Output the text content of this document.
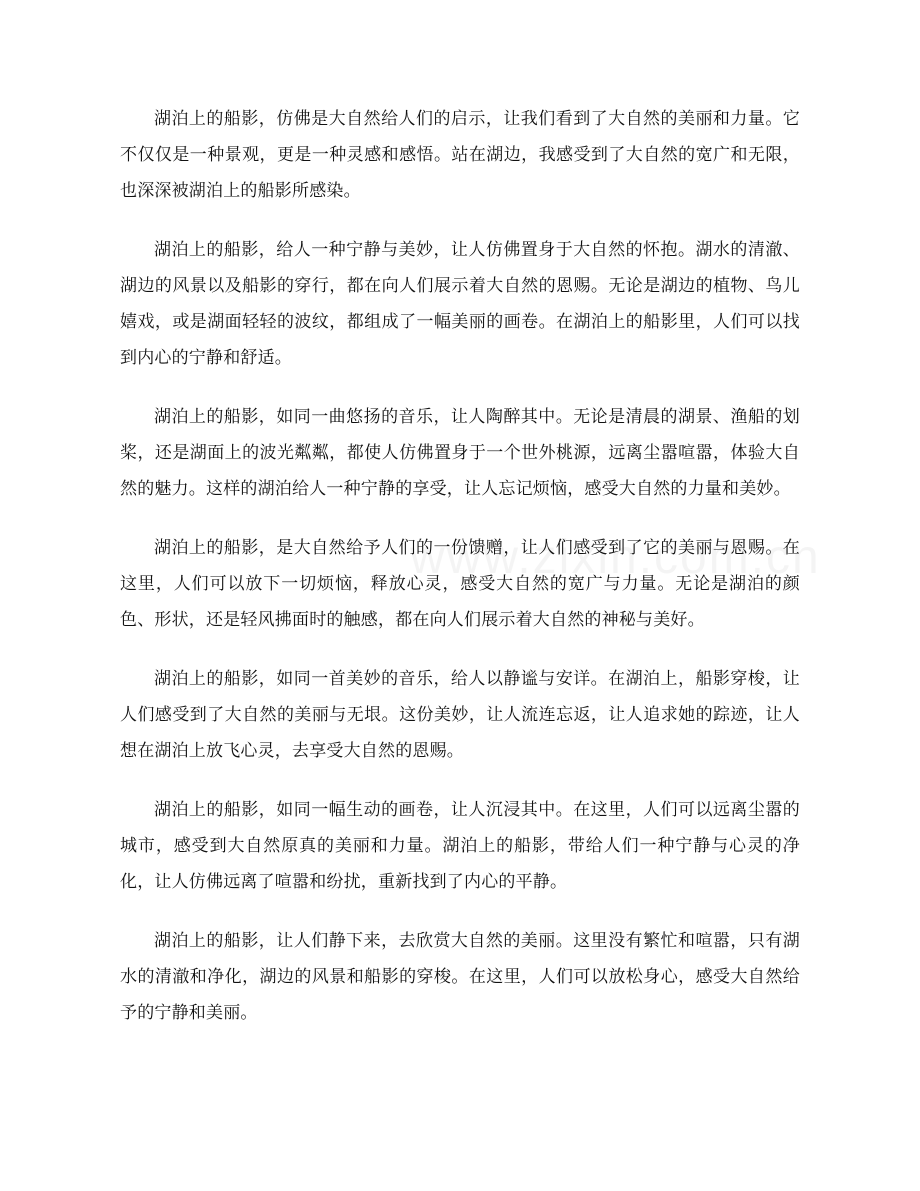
湖泊上的船影，仿佛是大自然给人们的启示，让我们看到了大自然的美丽和力量。它不仅仅是一种景观，更是一种灵感和感悟。站在湖边，我感受到了大自然的宽广和无限，也深深被湖泊上的船影所感染。

湖泊上的船影，给人一种宁静与美妙，让人仿佛置身于大自然的怀抱。湖水的清澈、湖边的风景以及船影的穿行，都在向人们展示着大自然的恩赐。无论是湖边的植物、鸟儿嬉戏，或是湖面轻轻的波纹，都组成了一幅美丽的画卷。在湖泊上的船影里，人们可以找到内心的宁静和舒适。

湖泊上的船影，如同一曲悠扬的音乐，让人陶醉其中。无论是清晨的湖景、渔船的划桨，还是湖面上的波光粼粼，都使人仿佛置身于一个世外桃源，远离尘嚣喧嚣，体验大自然的魅力。这样的湖泊给人一种宁静的享受，让人忘记烦恼，感受大自然的力量和美妙。

湖泊上的船影，是大自然给予人们的一份馈赠，让人们感受到了它的美丽与恩赐。在这里，人们可以放下一切烦恼，释放心灵，感受大自然的宽广与力量。无论是湖泊的颜色、形状，还是轻风拂面时的触感，都在向人们展示着大自然的神秘与美好。

湖泊上的船影，如同一首美妙的音乐，给人以静谧与安详。在湖泊上，船影穿梭，让人们感受到了大自然的美丽与无垠。这份美妙，让人流连忘返，让人追求她的踪迹，让人想在湖泊上放飞心灵，去享受大自然的恩赐。

湖泊上的船影，如同一幅生动的画卷，让人沉浸其中。在这里，人们可以远离尘嚣的城市，感受到大自然原真的美丽和力量。湖泊上的船影，带给人们一种宁静与心灵的净化，让人仿佛远离了喧嚣和纷扰，重新找到了内心的平静。

湖泊上的船影，让人们静下来，去欣赏大自然的美丽。这里没有繁忙和喧嚣，只有湖水的清澈和净化，湖边的风景和船影的穿梭。在这里，人们可以放松身心，感受大自然给予的宁静和美丽。
